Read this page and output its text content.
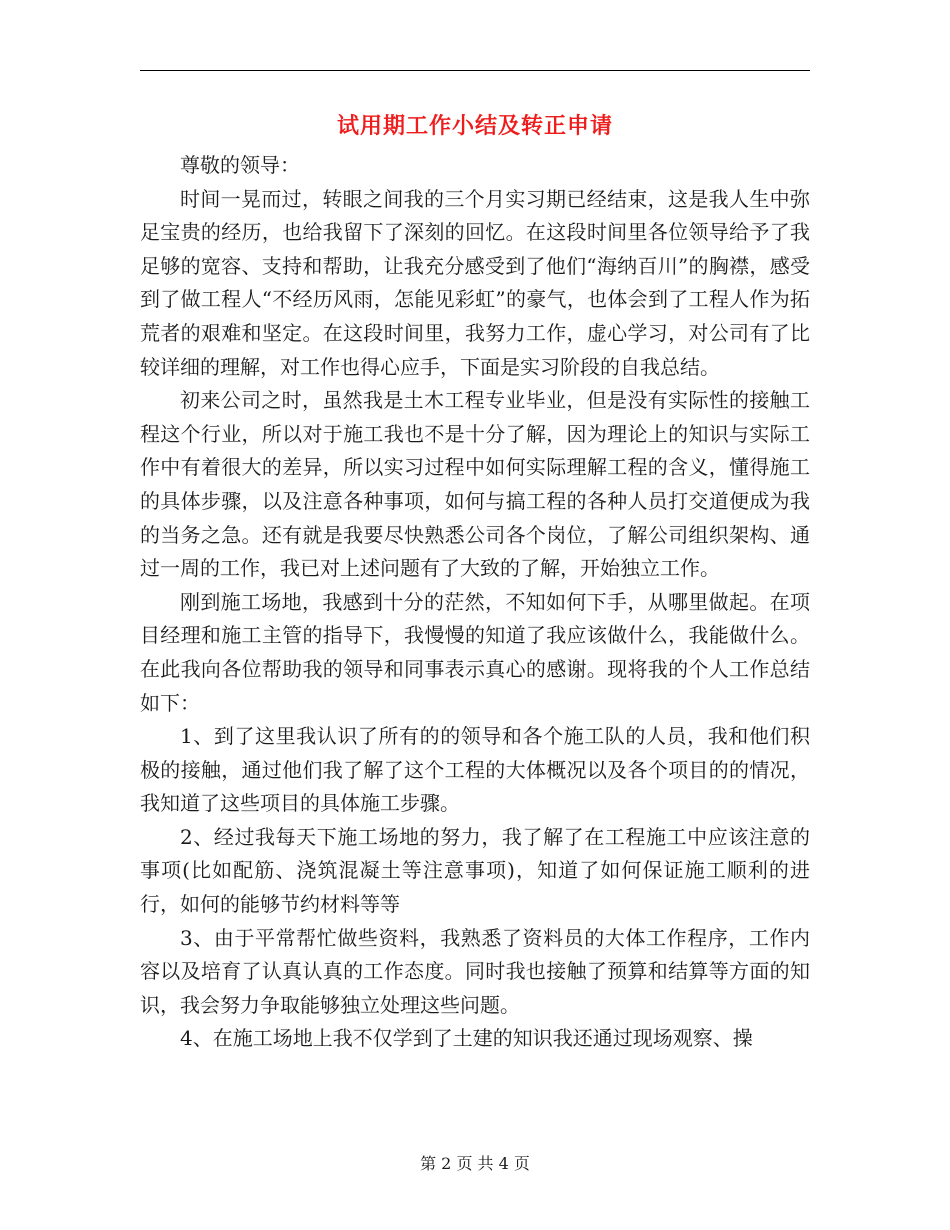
试用期工作小结及转正申请

尊敬的领导：

时间一晃而过，转眼之间我的三个月实习期已经结束，这是我人生中弥足宝贵的经历，也给我留下了深刻的回忆。在这段时间里各位领导给予了我足够的宽容、支持和帮助，让我充分感受到了他们“海纳百川”的胸襟，感受到了做工程人“不经历风雨，怎能见彩虹”的豪气，也体会到了工程人作为拓荒者的艰难和坚定。在这段时间里，我努力工作，虚心学习，对公司有了比较详细的理解，对工作也得心应手，下面是实习阶段的自我总结。

初来公司之时，虽然我是土木工程专业毕业，但是没有实际性的接触工程这个行业，所以对于施工我也不是十分了解，因为理论上的知识与实际工作中有着很大的差异，所以实习过程中如何实际理解工程的含义，懂得施工的具体步骤，以及注意各种事项，如何与搞工程的各种人员打交道便成为我的当务之急。还有就是我要尽快熟悉公司各个岗位，了解公司组织架构、通过一周的工作，我已对上述问题有了大致的了解，开始独立工作。

刚到施工场地，我感到十分的茫然，不知如何下手，从哪里做起。在项目经理和施工主管的指导下，我慢慢的知道了我应该做什么，我能做什么。在此我向各位帮助我的领导和同事表示真心的感谢。现将我的个人工作总结如下：

1、到了这里我认识了所有的的领导和各个施工队的人员，我和他们积极的接触，通过他们我了解了这个工程的大体概况以及各个项目的的情况，我知道了这些项目的具体施工步骤。

2、经过我每天下施工场地的努力，我了解了在工程施工中应该注意的事项(比如配筋、浇筑混凝土等注意事项)，知道了如何保证施工顺利的进行，如何的能够节约材料等等

3、由于平常帮忙做些资料，我熟悉了资料员的大体工作程序，工作内容以及培育了认真认真的工作态度。同时我也接触了预算和结算等方面的知识，我会努力争取能够独立处理这些问题。

4、在施工场地上我不仅学到了土建的知识我还通过现场观察、操

第 2 页 共 4 页
